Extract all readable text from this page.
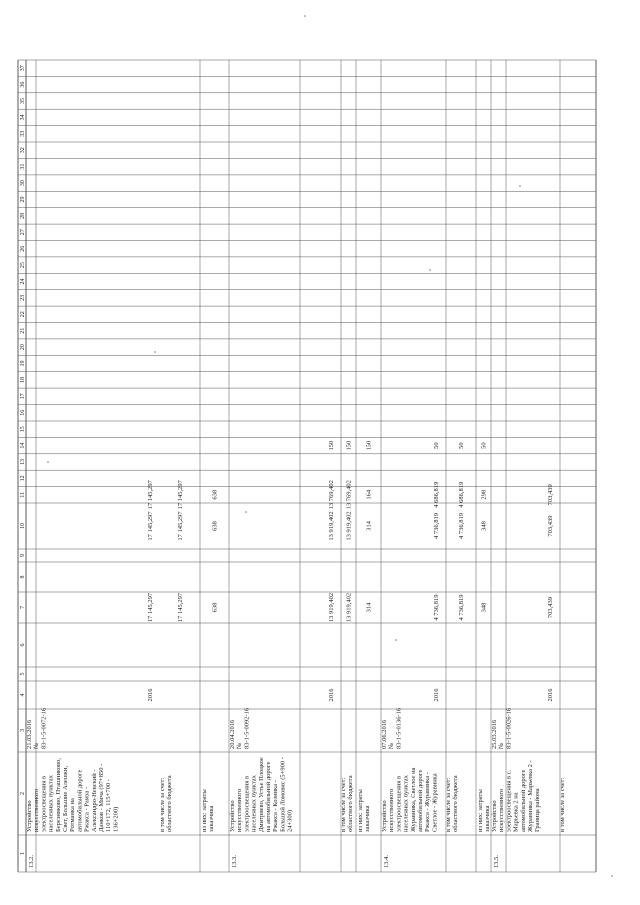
1
2
3
4
5
6
7
8
9
10
11
12
13
14
15
16
17
18
19
20
21
22
23
24
25
26
27
28
29
30
31
32
33
34
35
36
37
13.2.
Устройство искусственного электроосвещения в населенных пунктах Березняково, Пташниково, Свет, Большие Алешки, Ротманка на автомобильной дороге Ржакса - Рамза - Александро-Невский - Данков - Мича (97+850 - 110+172, 115+700 - 136+200)
21.03.2016 № 83-1-5-0072-16
2016
17 145,297
17 145,297
17 145,297
в том числе за счет: областного бюджета
17 145,297
17 145,297
17 145,297
из них: затраты заказчика
638
638
638
13.3.
Устройство искусственного электроосвещения в населенных пунктах Дмитриево, Устье Плоцкое на автомобильной дороге Ржакса - Козинка - Большой Ломовис (5+900 - 24+300)
20.04.2016 № 83-1-5-0092-16
2016
13 919,402
13 919,402
13 769,402
150
в том числе за счет: областного бюджета
13 919,402
13 919,402
13 769,402
150
из них: затраты заказчика
314
314
164
150
13.4.
Устройство искусственного электроосвещения в населенных пунктах Журавинка, Светлое на автомобильной дороге Ржакса - Журавинка - Светлое - Журавинка
07.06.2016 № 83-1-5-0136-16
2016
4 736,819
4 736,819
4 686,819
50
в том числе за счет: областного бюджета
4 736,819
4 736,819
4 686,819
50
из них: затраты заказчика
348
348
298
50
13.5.
Устройство искусственного электроосвещения в с. Марьевка 2 на автомобильной дороге Журавинка - Марьевка 2 - Граница района
25.03.2016 № 83-1-5-0026-16
2016
703,439
703,439
703,439
в том числе за счет:
